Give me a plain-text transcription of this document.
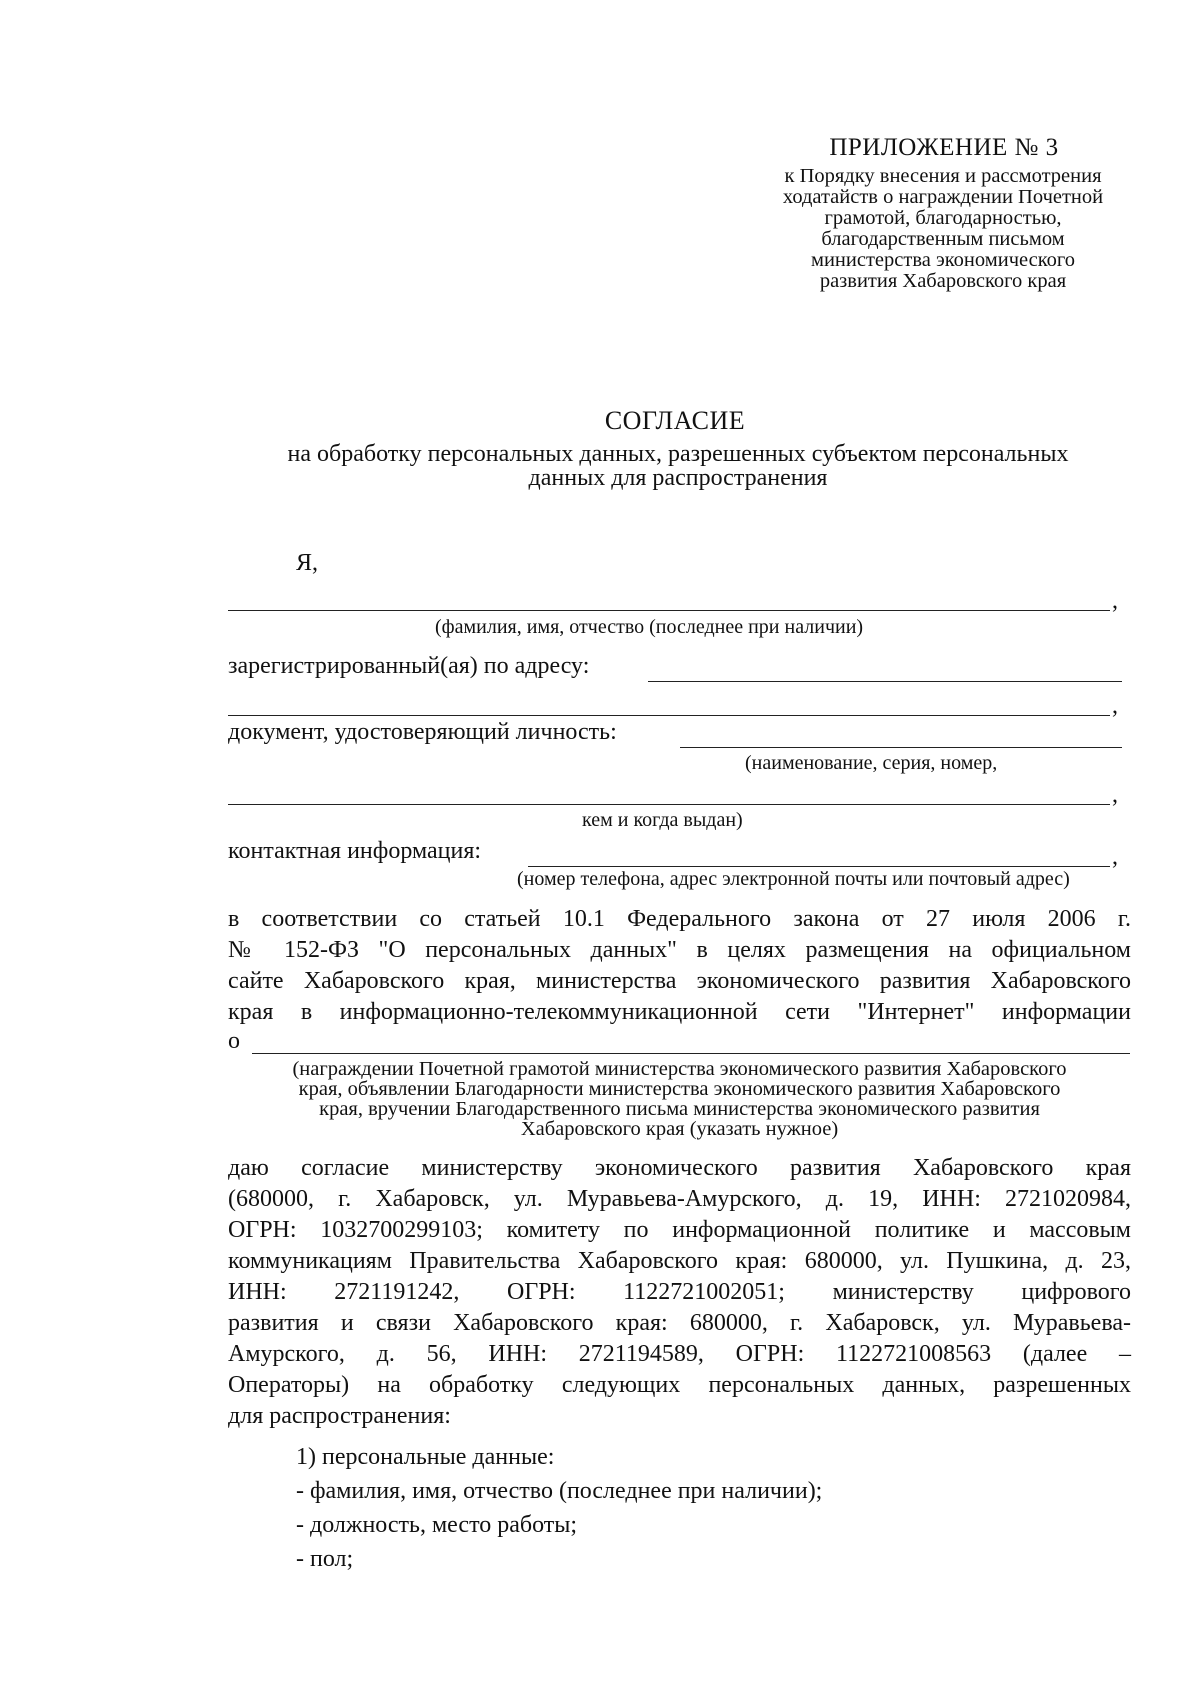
ПРИЛОЖЕНИЕ № 3
к Порядку внесения и рассмотрения
ходатайств о награждении Почетной
грамотой, благодарностью,
благодарственным письмом
министерства экономического
развития Хабаровского края
СОГЛАСИЕ
на обработку персональных данных, разрешенных субъектом персональных
данных для распространения
Я,
,
(фамилия, имя, отчество (последнее при наличии)
зарегистрированный(ая) по адресу:
,
документ, удостоверяющий личность:
(наименование, серия, номер,
,
кем и когда выдан)
контактная информация:	,
(номер телефона, адрес электронной почты или почтовый адрес)
в соответствии со статьей 10.1 Федерального закона от 27 июля 2006 г.
№ 152-ФЗ "О персональных данных" в целях размещения на официальном
сайте Хабаровского края, министерства экономического развития Хабаровского
края в информационно-телекоммуникационной сети "Интернет" информации
о
(награждении Почетной грамотой министерства экономического развития Хабаровского
края, объявлении Благодарности министерства экономического развития Хабаровского
края, вручении Благодарственного письма министерства экономического развития
Хабаровского края (указать нужное)
даю согласие министерству экономического развития Хабаровского края
(680000, г. Хабаровск, ул. Муравьева-Амурского, д. 19, ИНН: 2721020984,
ОГРН: 1032700299103; комитету по информационной политике и массовым
коммуникациям Правительства Хабаровского края: 680000, ул. Пушкина, д. 23,
ИНН: 2721191242, ОГРН: 1122721002051; министерству цифрового
развития и связи Хабаровского края: 680000, г. Хабаровск, ул. Муравьева-
Амурского, д. 56, ИНН: 2721194589, ОГРН: 1122721008563 (далее –
Операторы) на обработку следующих персональных данных, разрешенных
для распространения:
1) персональные данные:
- фамилия, имя, отчество (последнее при наличии);
- должность, место работы;
- пол;
